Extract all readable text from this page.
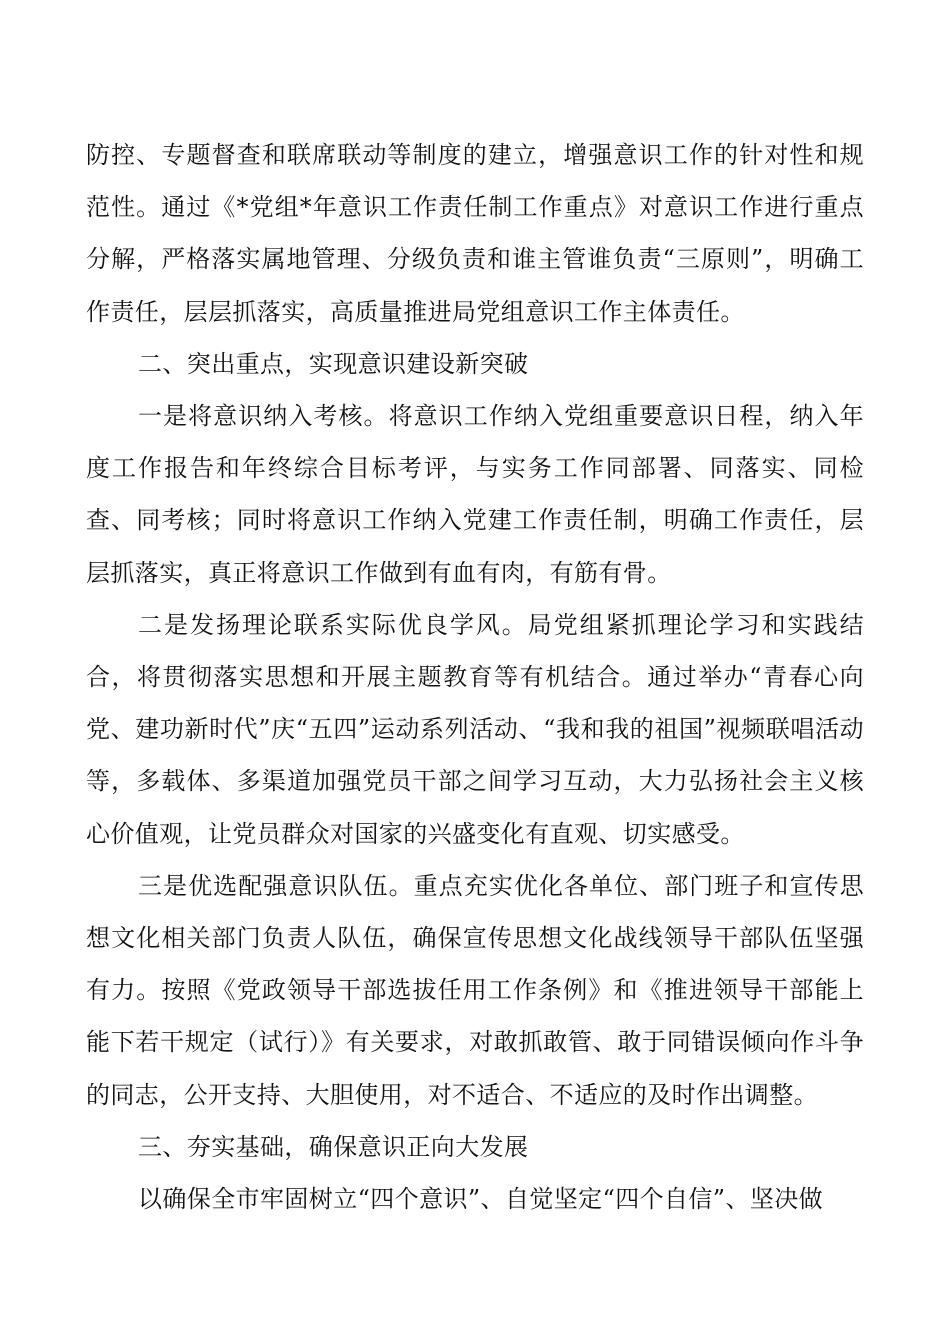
防控、专题督查和联席联动等制度的建立，增强意识工作的针对性和规范性。通过《*党组*年意识工作责任制工作重点》对意识工作进行重点分解，严格落实属地管理、分级负责和谁主管谁负责“三原则”，明确工作责任，层层抓落实，高质量推进局党组意识工作主体责任。

二、突出重点，实现意识建设新突破

一是将意识纳入考核。将意识工作纳入党组重要意识日程，纳入年度工作报告和年终综合目标考评，与实务工作同部署、同落实、同检查、同考核；同时将意识工作纳入党建工作责任制，明确工作责任，层层抓落实，真正将意识工作做到有血有肉，有筋有骨。

二是发扬理论联系实际优良学风。局党组紧抓理论学习和实践结合，将贯彻落实思想和开展主题教育等有机结合。通过举办“青春心向党、建功新时代”庆“五四”运动系列活动、“我和我的祖国”视频联唱活动等，多载体、多渠道加强党员干部之间学习互动，大力弘扬社会主义核心价值观，让党员群众对国家的兴盛变化有直观、切实感受。

三是优选配强意识队伍。重点充实优化各单位、部门班子和宣传思想文化相关部门负责人队伍，确保宣传思想文化战线领导干部队伍坚强有力。按照《党政领导干部选拔任用工作条例》和《推进领导干部能上能下若干规定（试行）》有关要求，对敢抓敢管、敢于同错误倾向作斗争的同志，公开支持、大胆使用，对不适合、不适应的及时作出调整。

三、夯实基础，确保意识正向大发展

以确保全市牢固树立“四个意识”、自觉坚定“四个自信”、坚决做
